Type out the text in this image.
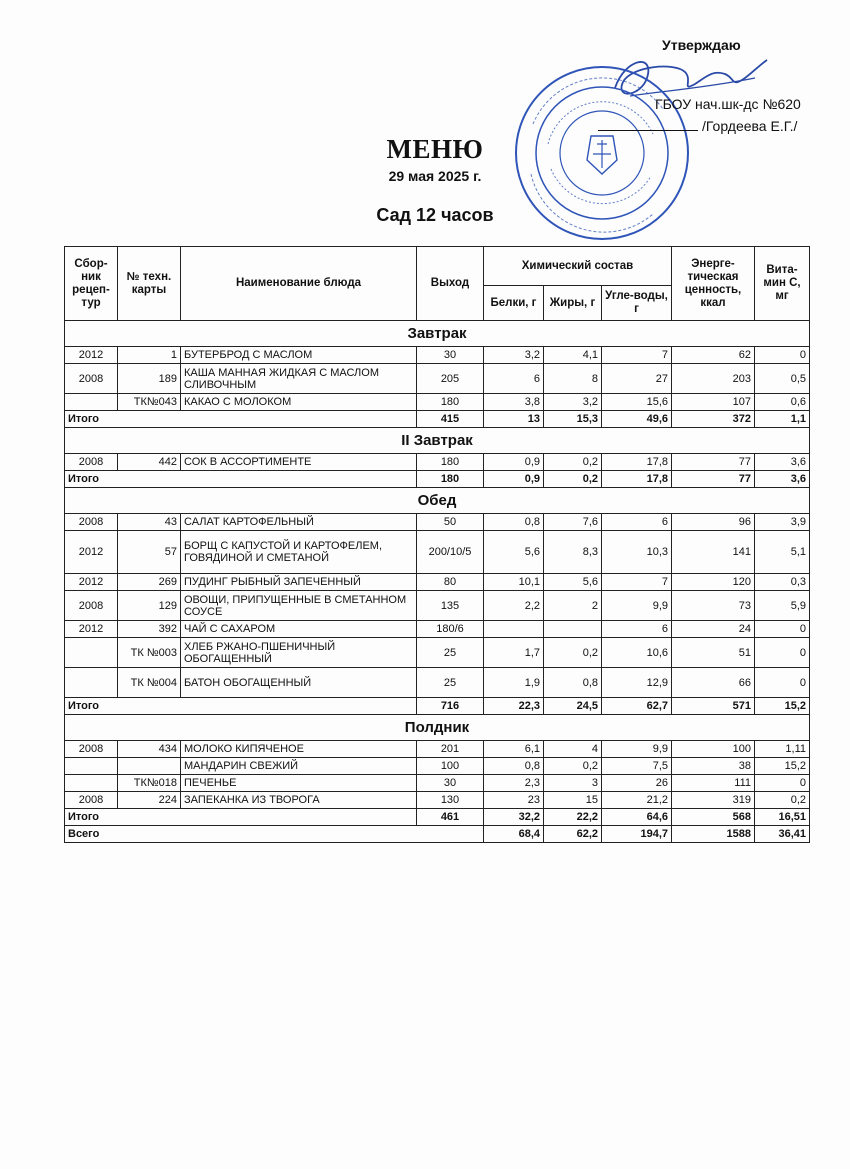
Утверждаю
ГБОУ нач.шк-дс №620
/Гордеева Е.Г./
МЕНЮ
29 мая 2025 г.
Сад 12 часов
Сбор-ник рецеп-тур	№ техн. карты	Наименование блюда	Выход	Химический состав			Энерге-тическая ценность, ккал	Вита-мин С, мг
				Белки, г	Жиры, г	Угле-воды, г		
Завтрак								
2012	1	БУТЕРБРОД С МАСЛОМ	30	3,2	4,1	7	62	0
2008	189	КАША МАННАЯ ЖИДКАЯ С МАСЛОМ СЛИВОЧНЫМ	205	6	8	27	203	0,5
	ТК№043	КАКАО С МОЛОКОМ	180	3,8	3,2	15,6	107	0,6
Итого			415	13	15,3	49,6	372	1,1
II Завтрак								
2008	442	СОК В АССОРТИМЕНТЕ	180	0,9	0,2	17,8	77	3,6
Итого			180	0,9	0,2	17,8	77	3,6
Обед								
2008	43	САЛАТ КАРТОФЕЛЬНЫЙ	50	0,8	7,6	6	96	3,9
2012	57	БОРЩ С КАПУСТОЙ И КАРТОФЕЛЕМ, ГОВЯДИНОЙ И СМЕТАНОЙ	200/10/5	5,6	8,3	10,3	141	5,1
2012	269	ПУДИНГ РЫБНЫЙ ЗАПЕЧЕННЫЙ	80	10,1	5,6	7	120	0,3
2008	129	ОВОЩИ, ПРИПУЩЕННЫЕ В СМЕТАННОМ СОУСЕ	135	2,2	2	9,9	73	5,9
2012	392	ЧАЙ С САХАРОМ	180/6			6	24	0
	ТК №003	ХЛЕБ РЖАНО-ПШЕНИЧНЫЙ ОБОГАЩЕННЫЙ	25	1,7	0,2	10,6	51	0
	ТК №004	БАТОН ОБОГАЩЕННЫЙ	25	1,9	0,8	12,9	66	0
Итого			716	22,3	24,5	62,7	571	15,2
Полдник								
2008	434	МОЛОКО КИПЯЧЕНОЕ	201	6,1	4	9,9	100	1,11
		МАНДАРИН СВЕЖИЙ	100	0,8	0,2	7,5	38	15,2
	ТК№018	ПЕЧЕНЬЕ	30	2,3	3	26	111	0
2008	224	ЗАПЕКАНКА ИЗ ТВОРОГА	130	23	15	21,2	319	0,2
Итого			461	32,2	22,2	64,6	568	16,51
Всего				68,4	62,2	194,7	1588	36,41
